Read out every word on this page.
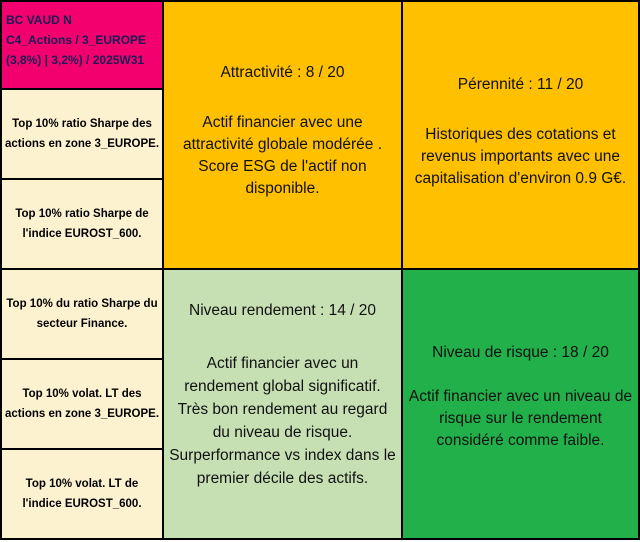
BC VAUD N
C4_Actions / 3_EUROPE
(3,8%) | 3,2%) / 2025W31
Top 10% ratio Sharpe des
actions en zone 3_EUROPE.
Top 10% ratio Sharpe de
l'indice EUROST_600.
Top 10% du ratio Sharpe du
secteur Finance.
Top 10% volat. LT des
actions en zone 3_EUROPE.
Top 10% volat. LT de
l'indice EUROST_600.

Attractivité : 8 / 20

Actif financier avec une
attractivité globale modérée .
Score ESG de l'actif non
disponible.

Pérennité : 11 / 20

Historiques des cotations et
revenus importants avec une
capitalisation d'environ 0.9 G€.

Niveau rendement : 14 / 20

Actif financier avec un
rendement global significatif.
Très bon rendement au regard
du niveau de risque.
Surperformance vs index dans le
premier décile des actifs.

Niveau de risque : 18 / 20

Actif financier avec un niveau de
risque sur le rendement
considéré comme faible.
